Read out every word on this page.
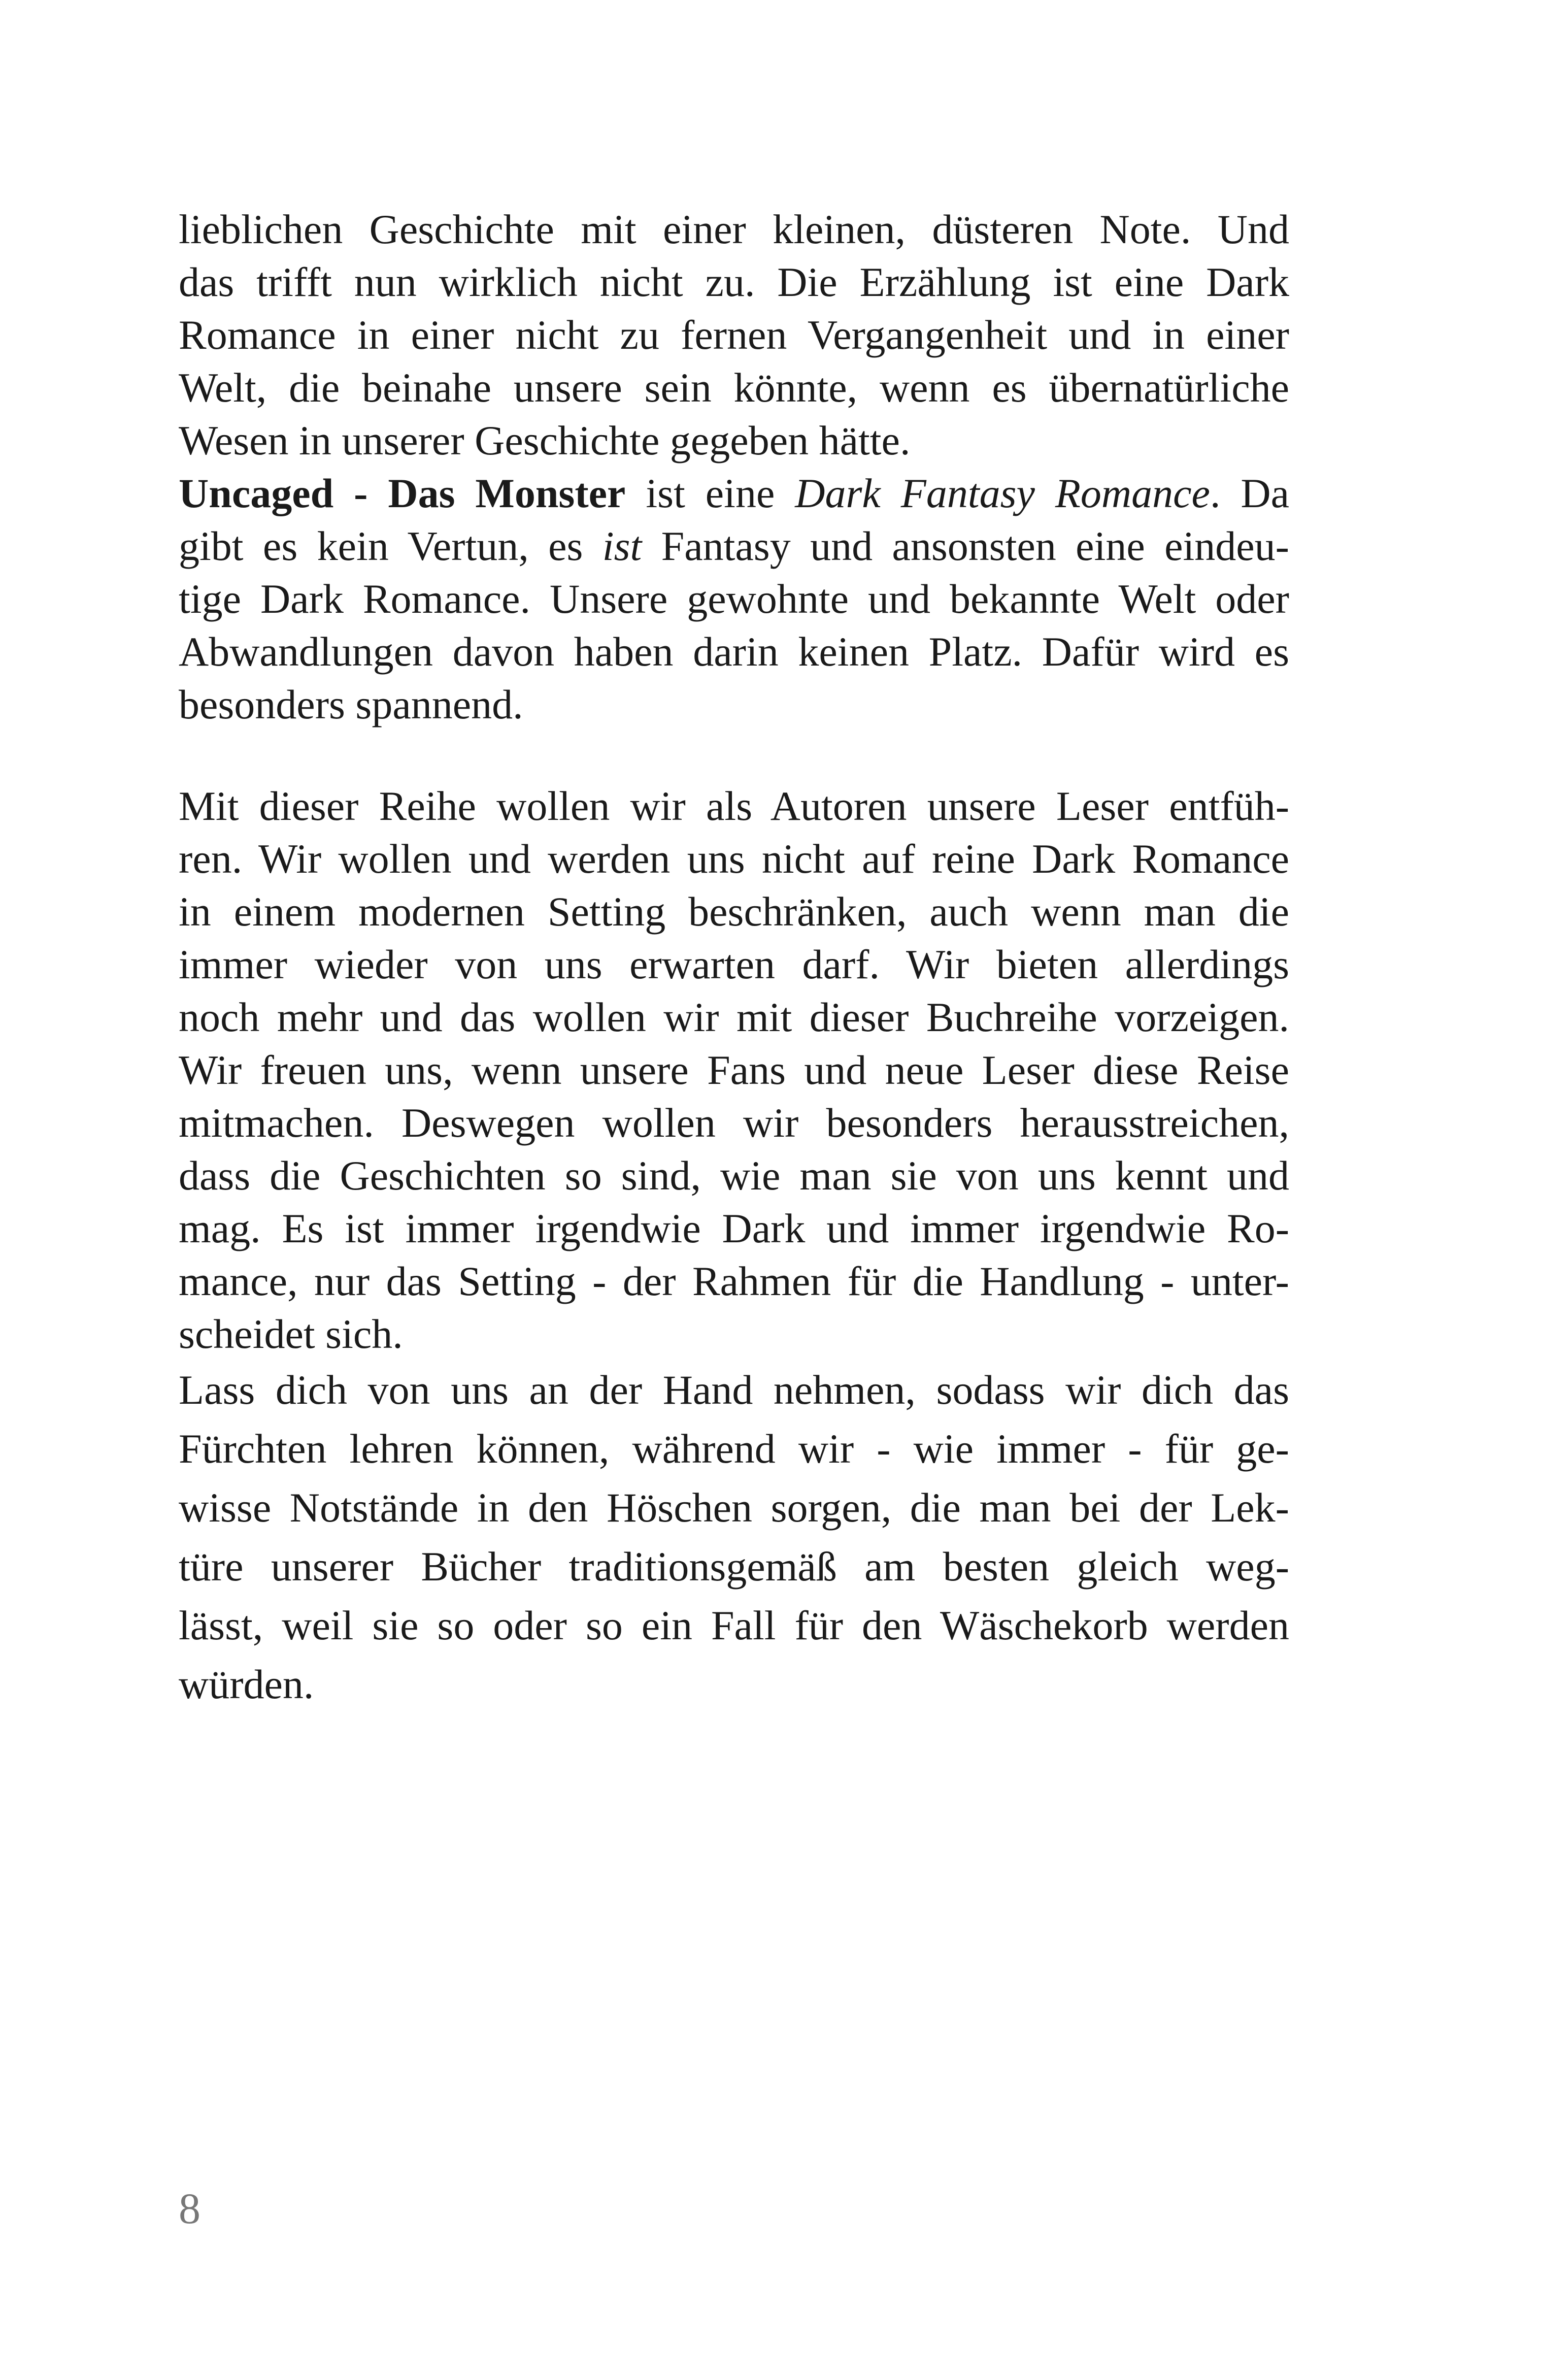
lieblichen Geschichte mit einer kleinen, düsteren Note. Und
das trifft nun wirklich nicht zu. Die Erzählung ist eine Dark
Romance in einer nicht zu fernen Vergangenheit und in einer
Welt, die beinahe unsere sein könnte, wenn es übernatürliche
Wesen in unserer Geschichte gegeben hätte.
Uncaged - Das Monster ist eine Dark Fantasy Romance. Da
gibt es kein Vertun, es ist Fantasy und ansonsten eine eindeu-
tige Dark Romance. Unsere gewohnte und bekannte Welt oder
Abwandlungen davon haben darin keinen Platz. Dafür wird es
besonders spannend.
Mit dieser Reihe wollen wir als Autoren unsere Leser entfüh-
ren. Wir wollen und werden uns nicht auf reine Dark Romance
in einem modernen Setting beschränken, auch wenn man die
immer wieder von uns erwarten darf. Wir bieten allerdings
noch mehr und das wollen wir mit dieser Buchreihe vorzeigen.
Wir freuen uns, wenn unsere Fans und neue Leser diese Reise
mitmachen. Deswegen wollen wir besonders herausstreichen,
dass die Geschichten so sind, wie man sie von uns kennt und
mag. Es ist immer irgendwie Dark und immer irgendwie Ro-
mance, nur das Setting - der Rahmen für die Handlung - unter-
scheidet sich.
Lass dich von uns an der Hand nehmen, sodass wir dich das
Fürchten lehren können, während wir - wie immer - für ge-
wisse Notstände in den Höschen sorgen, die man bei der Lek-
türe unserer Bücher traditionsgemäß am besten gleich weg-
lässt, weil sie so oder so ein Fall für den Wäschekorb werden
würden.
8
